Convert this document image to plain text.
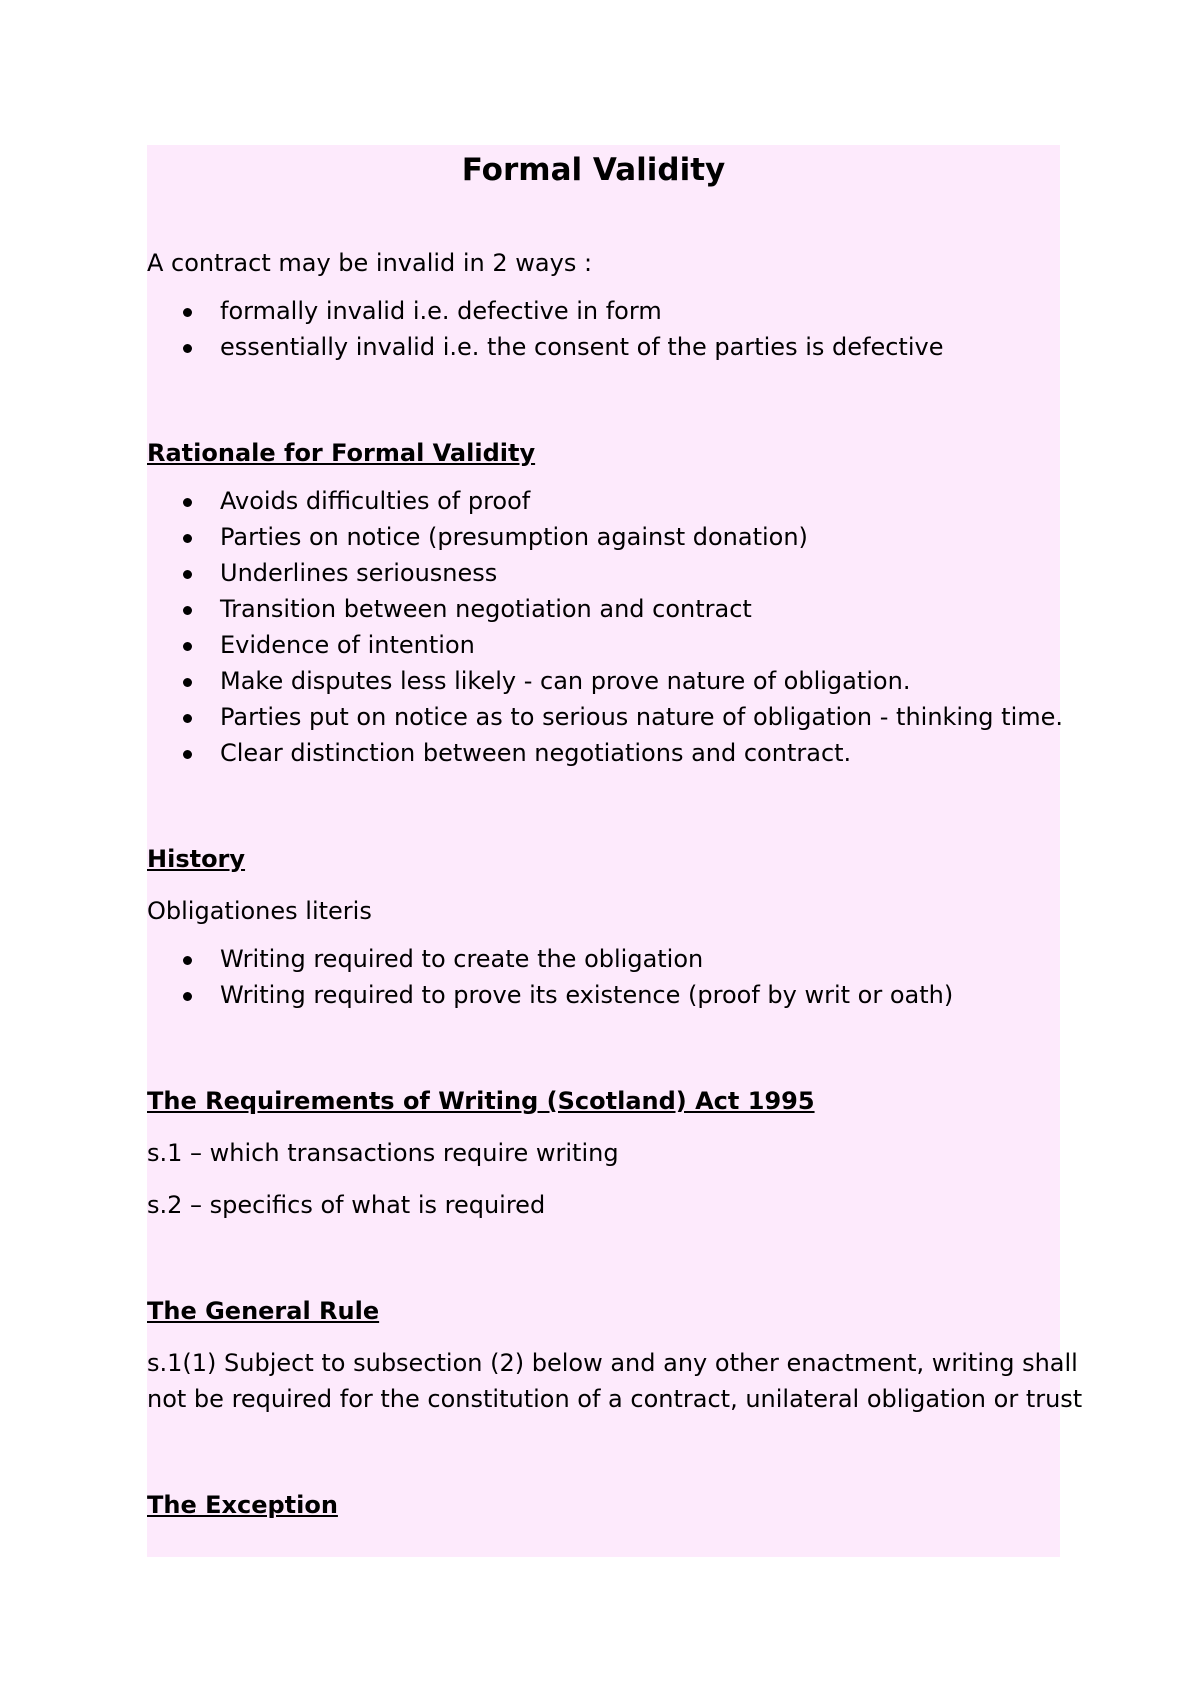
Formal Validity

A contract may be invalid in 2 ways :

formally invalid i.e. defective in form
essentially invalid i.e. the consent of the parties is defective

Rationale for Formal Validity

Avoids difficulties of proof
Parties on notice (presumption against donation)
Underlines seriousness
Transition between negotiation and contract
Evidence of intention
Make disputes less likely - can prove nature of obligation.
Parties put on notice as to serious nature of obligation - thinking time.
Clear distinction between negotiations and contract.

History

Obligationes literis

Writing required to create the obligation
Writing required to prove its existence (proof by writ or oath)

The Requirements of Writing (Scotland) Act 1995

s.1 – which transactions require writing

s.2 – specifics of what is required

The General Rule

s.1(1) Subject to subsection (2) below and any other enactment, writing shall

not be required for the constitution of a contract, unilateral obligation or trust

The Exception
